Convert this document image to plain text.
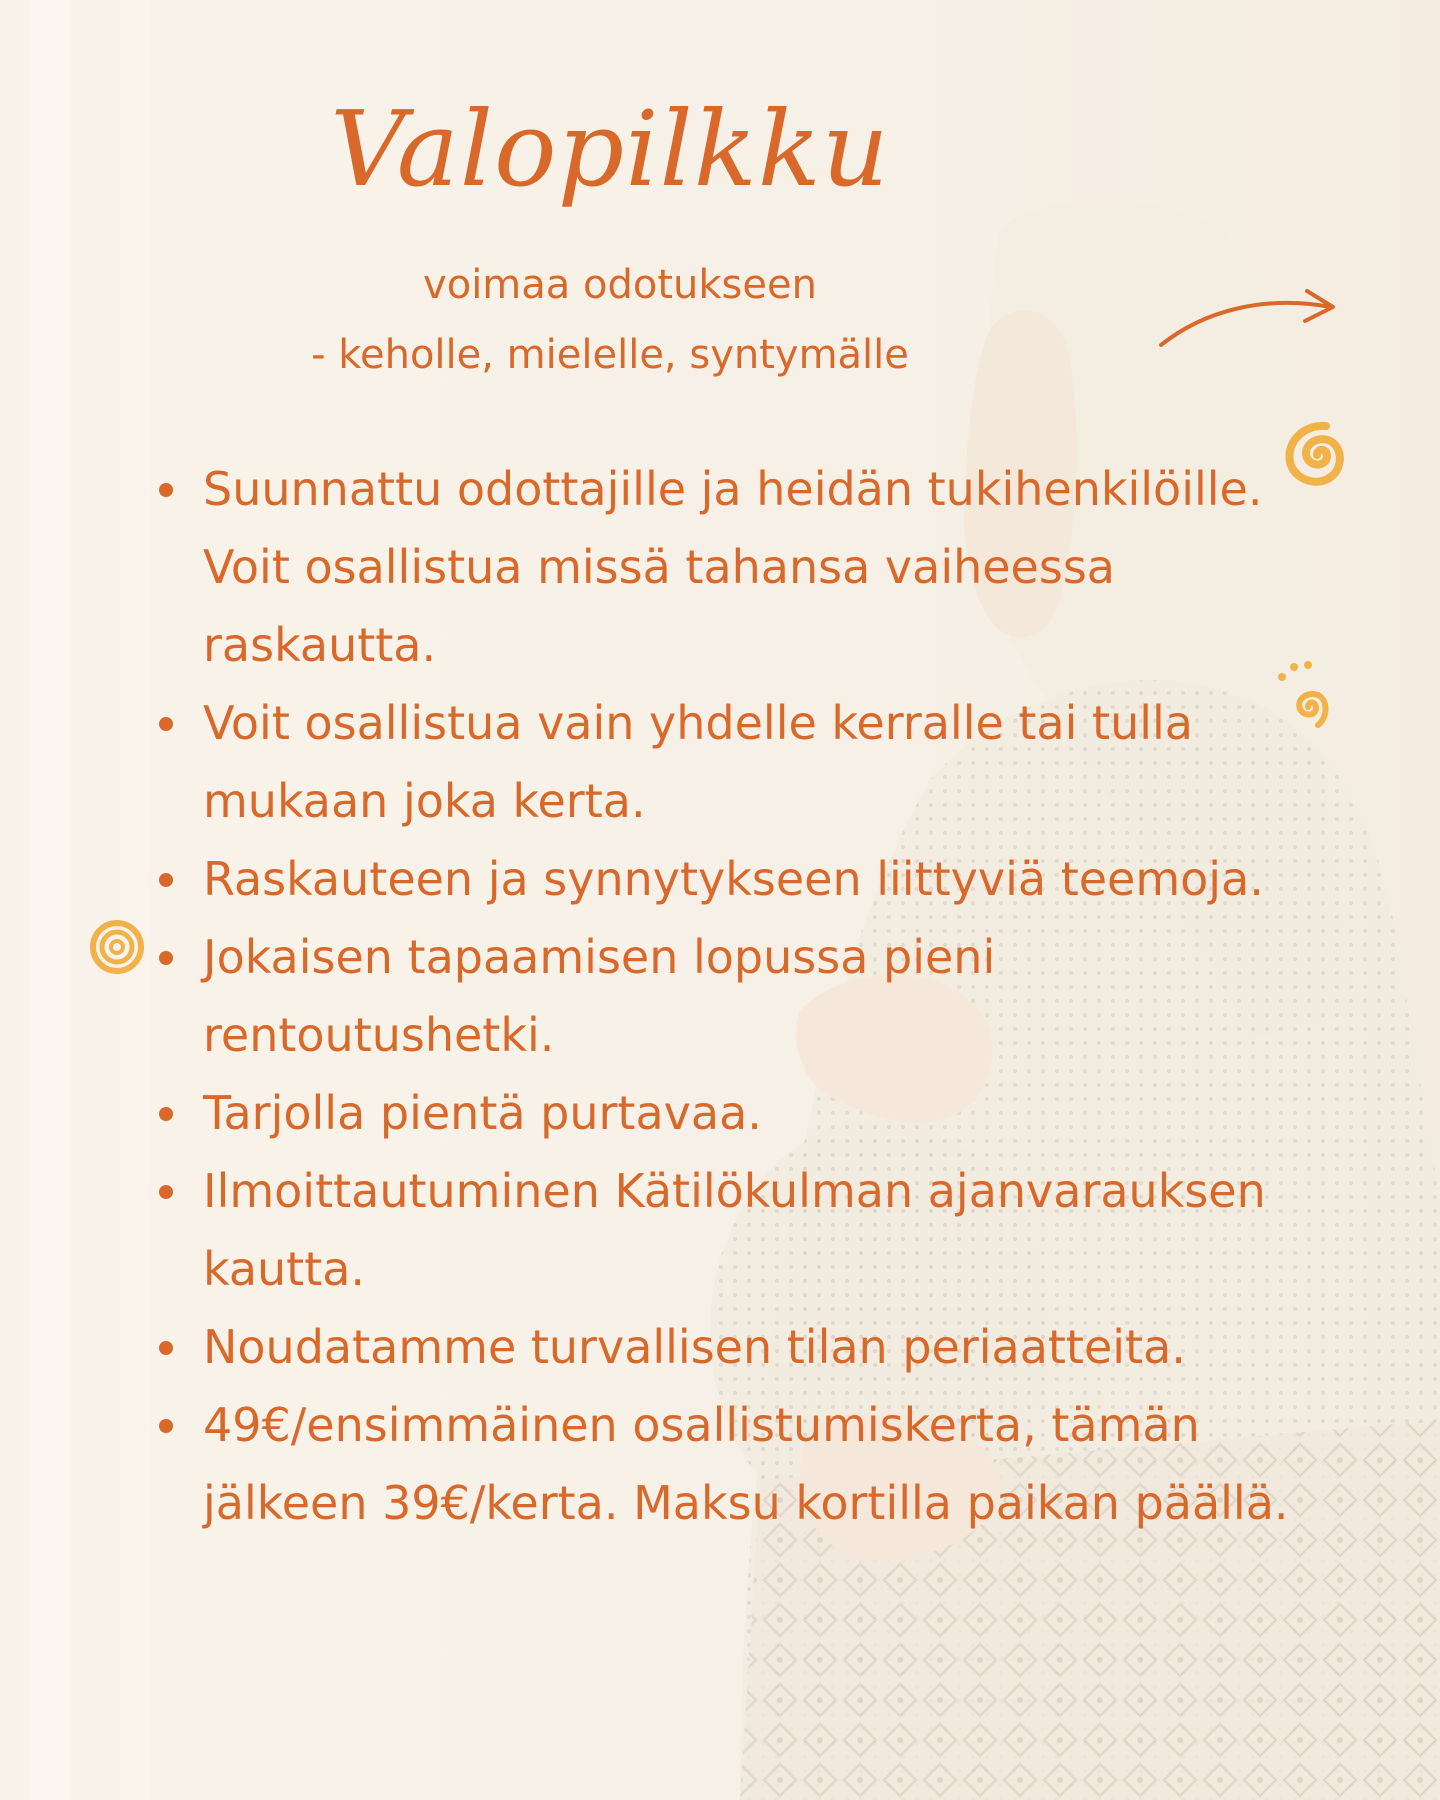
Valopilkku

voimaa odotukseen

- keholle, mielelle, syntymälle

Suunnattu odottajille ja heidän tukihenkilöille. Voit osallistua missä tahansa vaiheessa raskautta.
Voit osallistua vain yhdelle kerralle tai tulla mukaan joka kerta.
Raskauteen ja synnytykseen liittyviä teemoja.
Jokaisen tapaamisen lopussa pieni rentoutushetki.
Tarjolla pientä purtavaa.
Ilmoittautuminen Kätilökulman ajanvarauksen kautta.
Noudatamme turvallisen tilan periaatteita.
49€/ensimmäinen osallistumiskerta, tämän jälkeen 39€/kerta. Maksu kortilla paikan päällä.
